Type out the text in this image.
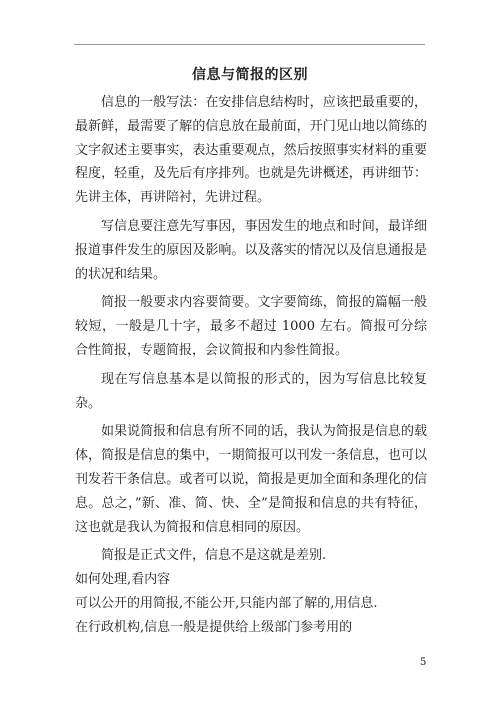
信息与简报的区别

信息的一般写法：在安排信息结构时，应该把最重要的，最新鲜，最需要了解的信息放在最前面，开门见山地以简练的文字叙述主要事实，表达重要观点，然后按照事实材料的重要程度，轻重，及先后有序排列。也就是先讲概述，再讲细节：先讲主体，再讲陪衬，先讲过程。

写信息要注意先写事因，事因发生的地点和时间，最详细报道事件发生的原因及影响。以及落实的情况以及信息通报是的状况和结果。

简报一般要求内容要简要。文字要简练，简报的篇幅一般较短，一般是几十字，最多不超过 1000 左右。简报可分综合性简报，专题简报，会议简报和内参性简报。

现在写信息基本是以简报的形式的，因为写信息比较复杂。

如果说简报和信息有所不同的话，我认为简报是信息的载体，简报是信息的集中，一期简报可以刊发一条信息，也可以刊发若干条信息。或者可以说，简报是更加全面和条理化的信息。总之，”新、准、简、快、全”是简报和信息的共有特征，这也就是我认为简报和信息相同的原因。

简报是正式文件，信息不是这就是差别.

如何处理,看内容

可以公开的用简报,不能公开,只能内部了解的,用信息.

在行政机构,信息一般是提供给上级部门参考用的

5
